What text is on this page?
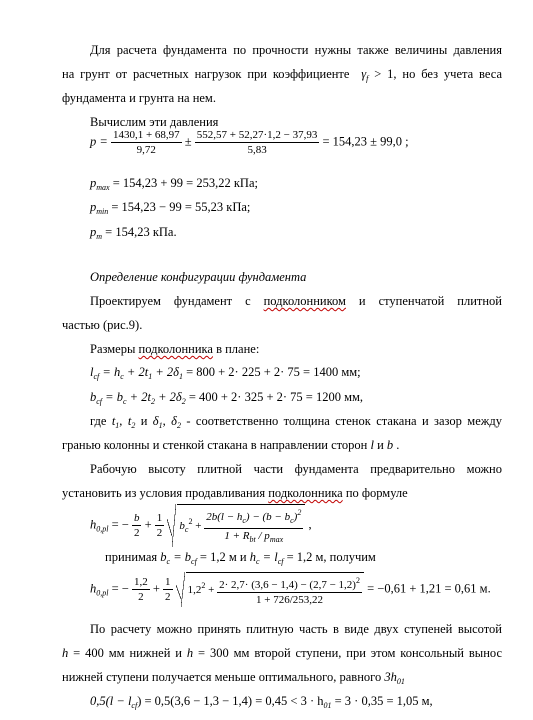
Для расчета фундамента по прочности нужны также величины давления
на грунт от расчетных нагрузок при коэффициенте $\gamma_f > 1$, но без учета веса
фундамента и грунта на нем.
Вычислим эти давления
$p = \frac{1430,1 + 68,97}{9,72} \pm \frac{552,57 + 52,27\cdot 1,2 - 37,93}{5,83} = 154,23 \pm 99,0$ ;
$p_{max} = 154,23 + 99 = 253,22$ кПа;
$p_{min} = 154,23 - 99 = 55,23$ кПа;
$p_m = 154,23$ кПа.
Определение конфигурации фундамента
Проектируем фундамент с подколонником и ступенчатой плитной
частью (рис.9).
Размеры подколонника в плане:
$l_{cf} = h_c + 2t_1 + 2\delta_1 = 800 + 2\cdot 225 + 2\cdot 75 = 1400$ мм;
$b_{cf} = b_c + 2t_2 + 2\delta_2 = 400 + 2\cdot 325 + 2\cdot 75 = 1200$ мм,
где $t_1$, $t_2$ и $\delta_1$, $\delta_2$ - соответственно толщина стенок стакана и зазор между
гранью колонны и стенкой стакана в направлении сторон l и b .
Рабочую высоту плитной части фундамента предварительно можно
установить из условия продавливания подколонника по формуле
$h_{0,pl}$ = − $\frac{b}{2} + \frac{1}{2} b_c^2 + \frac{2b(l - h_c) - (b - b_c)^2}{1 + R_{bt} / p_{max}}$ ,
принимая $b_c = b_{cf} = 1,2$ м и $h_c = l_{cf} = 1,2$ м, получим
$h_{0,pl}$ = − $\frac{1,2}{2} + \frac{1}{2} 1,2^2 + \frac{2\cdot 2,7\cdot (3,6 - 1,4) - (2,7 - 1,2)^2}{1 + 726/253,22} = -0,61 + 1,21 = 0,61$ м.
По расчету можно принять плитную часть в виде двух ступеней высотой
h = 400 мм нижней и h = 300 мм второй ступени, при этом консольный вынос
нижней ступени получается меньше оптимального, равного $3h_{01}$
$0,5(l - l_{cf}) = 0,5(3,6 - 1,3 - 1,4) = 0,45 < 3 \cdot h_{01} = 3 \cdot 0,35 = 1,05$ м,
